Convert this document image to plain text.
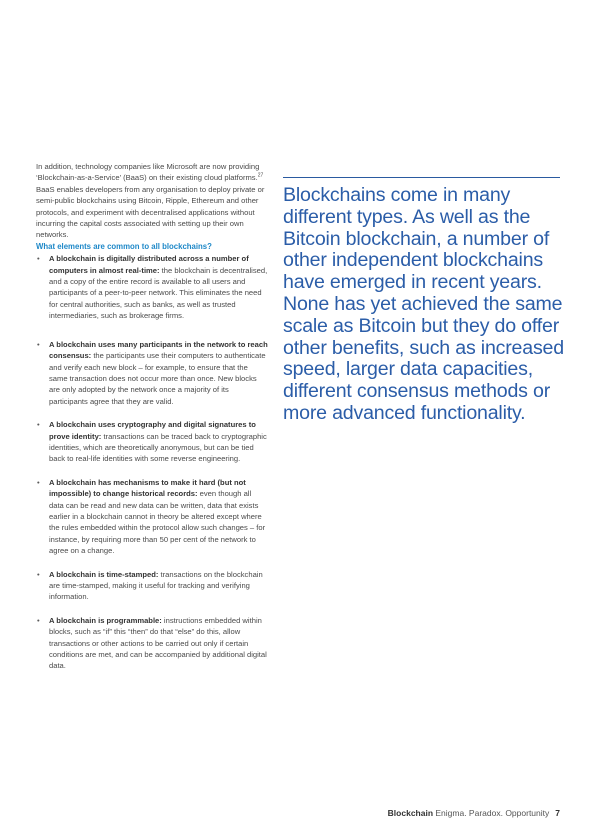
In addition, technology companies like Microsoft are now providing ‘Blockchain-as-a-Service’ (BaaS) on their existing cloud platforms.$^{27}$ BaaS enables developers from any organisation to deploy private or semi-public blockchains using Bitcoin, Ripple, Ethereum and other protocols, and experiment with decentralised applications without incurring the capital costs associated with setting up their own networks.

What elements are common to all blockchains?

• A blockchain is digitally distributed across a number of computers in almost real-time: the blockchain is decentralised, and a copy of the entire record is available to all users and participants of a peer-to-peer network. This eliminates the need for central authorities, such as banks, as well as trusted intermediaries, such as brokerage firms.
• A blockchain uses many participants in the network to reach consensus: the participants use their computers to authenticate and verify each new block – for example, to ensure that the same transaction does not occur more than once. New blocks are only adopted by the network once a majority of its participants agree that they are valid.
• A blockchain uses cryptography and digital signatures to prove identity: transactions can be traced back to cryptographic identities, which are theoretically anonymous, but can be tied back to real-life identities with some reverse engineering.
• A blockchain has mechanisms to make it hard (but not impossible) to change historical records: even though all data can be read and new data can be written, data that exists earlier in a blockchain cannot in theory be altered except where the rules embedded within the protocol allow such changes – for instance, by requiring more than 50 per cent of the network to agree on a change.
• A blockchain is time-stamped: transactions on the blockchain are time-stamped, making it useful for tracking and verifying information.
• A blockchain is programmable: instructions embedded within blocks, such as “if” this “then” do that “else” do this, allow transactions or other actions to be carried out only if certain conditions are met, and can be accompanied by additional digital data.

Blockchains come in many different types. As well as the Bitcoin blockchain, a number of other independent blockchains have emerged in recent years. None has yet achieved the same scale as Bitcoin but they do offer other benefits, such as increased speed, larger data capacities, different consensus methods or more advanced functionality.

Blockchain Enigma. Paradox. Opportunity 7
